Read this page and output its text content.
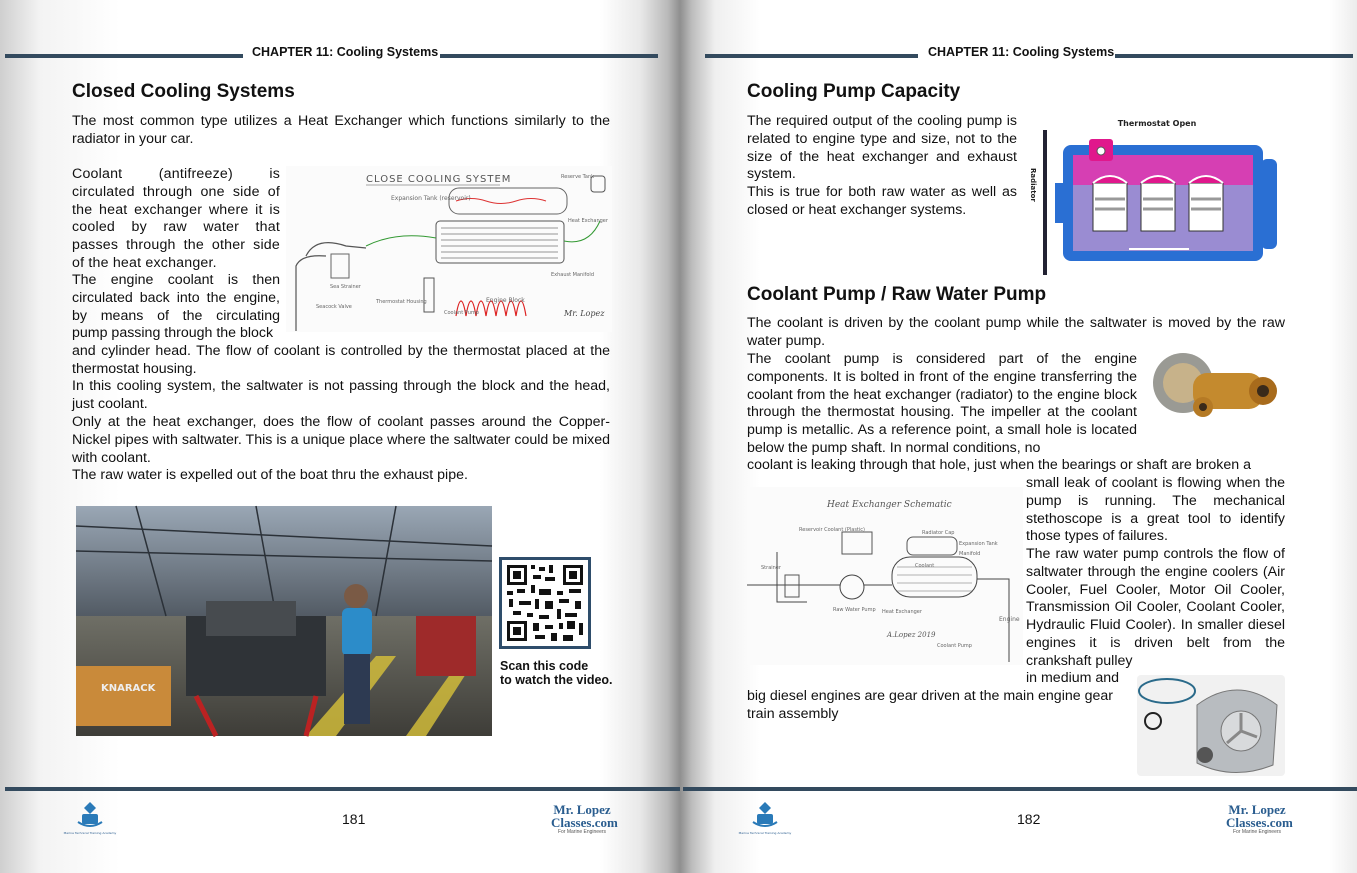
CHAPTER 11: Cooling Systems
Closed Cooling Systems
The most common type utilizes a Heat Exchanger which functions similarly to the radiator in your car.
Coolant (antifreeze) is circulated through one side of the heat exchanger where it is cooled by raw water that passes through the other side of the heat exchanger.
The engine coolant is then circulated back into the engine, by means of the circulating pump passing through the block
and cylinder head. The flow of coolant is controlled by the thermostat placed at the thermostat housing.
In this cooling system, the saltwater is not passing through the block and the head, just coolant.
Only at the heat exchanger, does the flow of coolant passes around the Copper-Nickel pipes with saltwater. This is a unique place where the saltwater could be mixed with coolant.
The raw water is expelled out of the boat thru the exhaust pipe.
CLOSE COOLING SYSTEM
Expansion Tank (reservoir)
Reserve Tank
Heat Exchanger
Sea Strainer
Seacock Valve
Thermostat Housing
Coolant Pump
Engine Block
Exhaust Manifold
Mr. Lopez
KNARACK
Scan this code
to watch the video.
Marine Technical Training Academy
181
Mr. Lopez
Classes.com
For Marine Engineers
CHAPTER 11: Cooling Systems
Cooling Pump Capacity
The required output of the cooling pump is related to engine type and size, not to the size of the heat exchanger and exhaust system.
This is true for both raw water as well as closed or heat exchanger systems.
Thermostat Open
Radiator
Coolant Pump / Raw Water Pump
The coolant is driven by the coolant pump while the saltwater is moved by the raw water pump.
The coolant pump is considered part of the engine components. It is bolted in front of the engine transferring the coolant from the heat exchanger (radiator) to the engine block through the thermostat housing. The impeller at the coolant pump is metallic. As a reference point, a small hole is located below the pump shaft. In normal conditions, no
coolant is leaking through that hole, just when the bearings or shaft are broken a
small leak of coolant is flowing when the pump is running. The mechanical stethoscope is a great tool to identify those types of failures.
The raw water pump controls the flow of saltwater through the engine coolers (Air Cooler, Fuel Cooler, Motor Oil Cooler, Transmission Oil Cooler, Coolant Cooler, Hydraulic Fluid Cooler). In smaller diesel engines it is driven belt from the crankshaft pulley
in medium and
big diesel engines are gear driven at the main engine gear train assembly
Heat Exchanger Schematic
Reservoir Coolant (Plastic)	Radiator Cap
Expansion Tank
Manifold
Coolant
Strainer
Raw Water Pump Heat Exchanger
Engine
Coolant Pump
A.Lopez 2019
Marine Technical Training Academy
182
Mr. Lopez
Classes.com
For Marine Engineers
